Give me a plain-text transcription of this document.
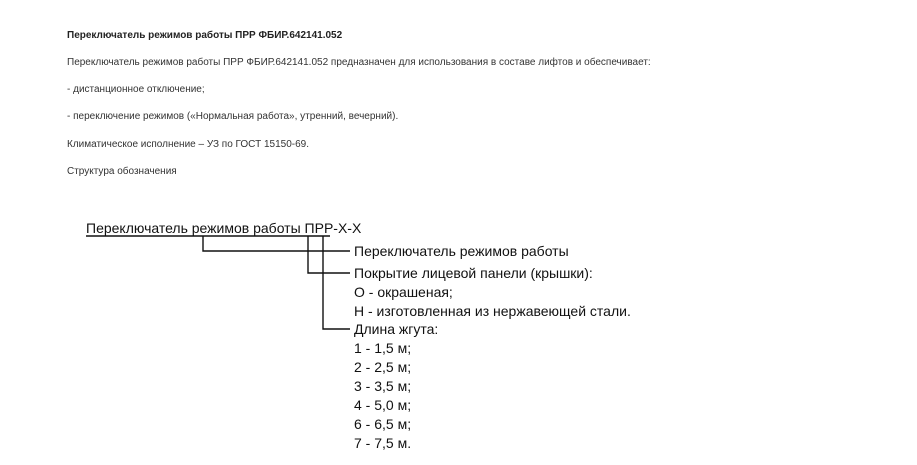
Переключатель режимов работы ПРР ФБИР.642141.052
Переключатель режимов работы ПРР ФБИР.642141.052 предназначен для использования в составе лифтов и обеспечивает:
- дистанционное отключение;
- переключение режимов («Нормальная работа», утренний, вечерний).
Климатическое исполнение – УЗ по ГОСТ 15150-69.
Структура обозначения
Переключатель режимов работы ПРР-Х-Х
Переключатель режимов работы
Покрытие лицевой панели (крышки):
О - окрашеная;
Н - изготовленная из нержавеющей стали.
Длина жгута:
1 - 1,5 м;
2 - 2,5 м;
3 - 3,5 м;
4 - 5,0 м;
6 - 6,5 м;
7 - 7,5 м.
